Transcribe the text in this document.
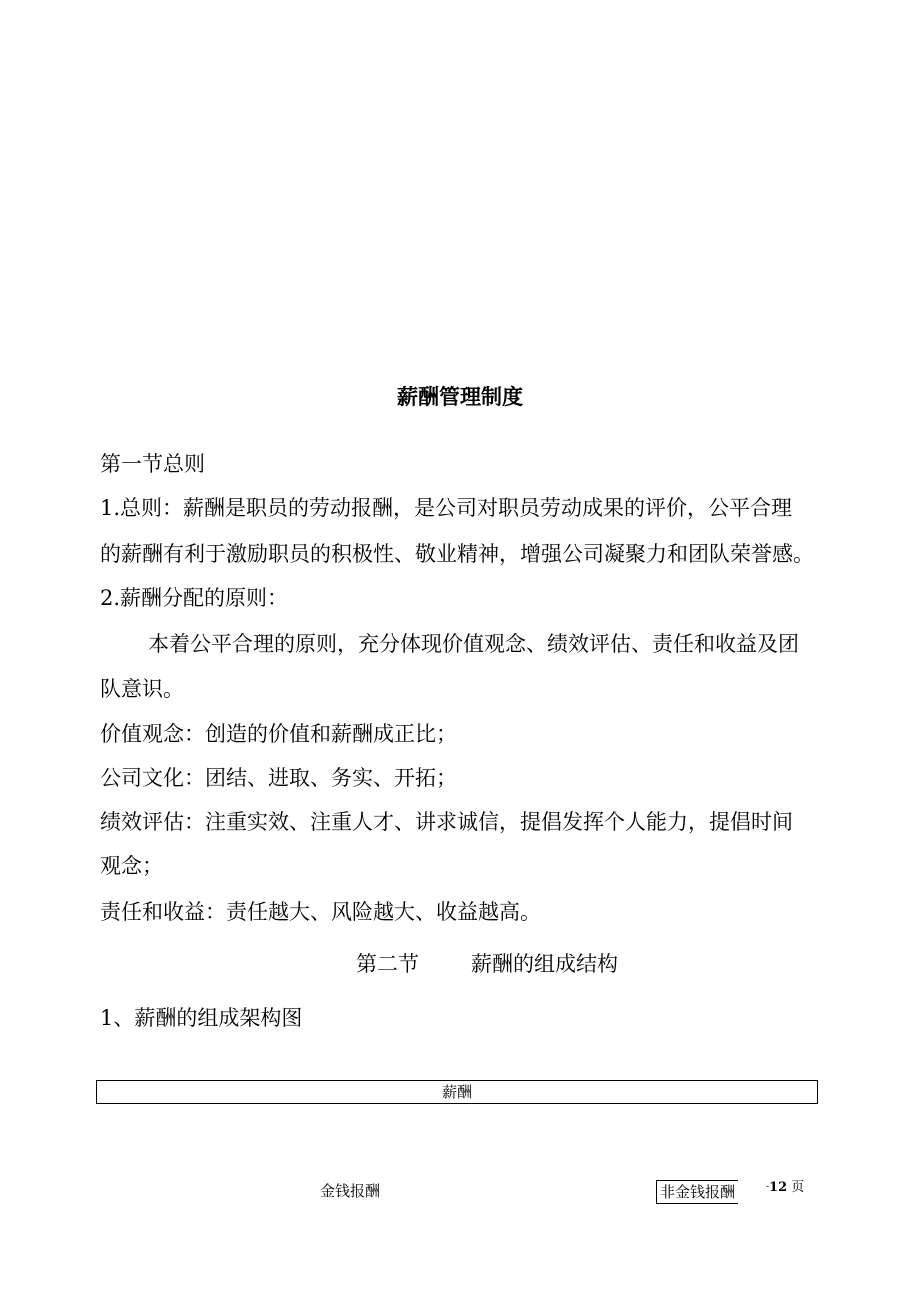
薪酬管理制度
第一节总则
1.总则：薪酬是职员的劳动报酬，是公司对职员劳动成果的评价，公平合理
的薪酬有利于激励职员的积极性、敬业精神，增强公司凝聚力和团队荣誉感。
2.薪酬分配的原则：
本着公平合理的原则，充分体现价值观念、绩效评估、责任和收益及团
队意识。
价值观念：创造的价值和薪酬成正比；
公司文化：团结、进取、务实、开拓；
绩效评估：注重实效、注重人才、讲求诚信，提倡发挥个人能力，提倡时间
观念；
责任和收益：责任越大、风险越大、收益越高。
第二节 薪酬的组成结构
1、薪酬的组成架构图
薪酬
金钱报酬	非金钱报酬	-12 页
